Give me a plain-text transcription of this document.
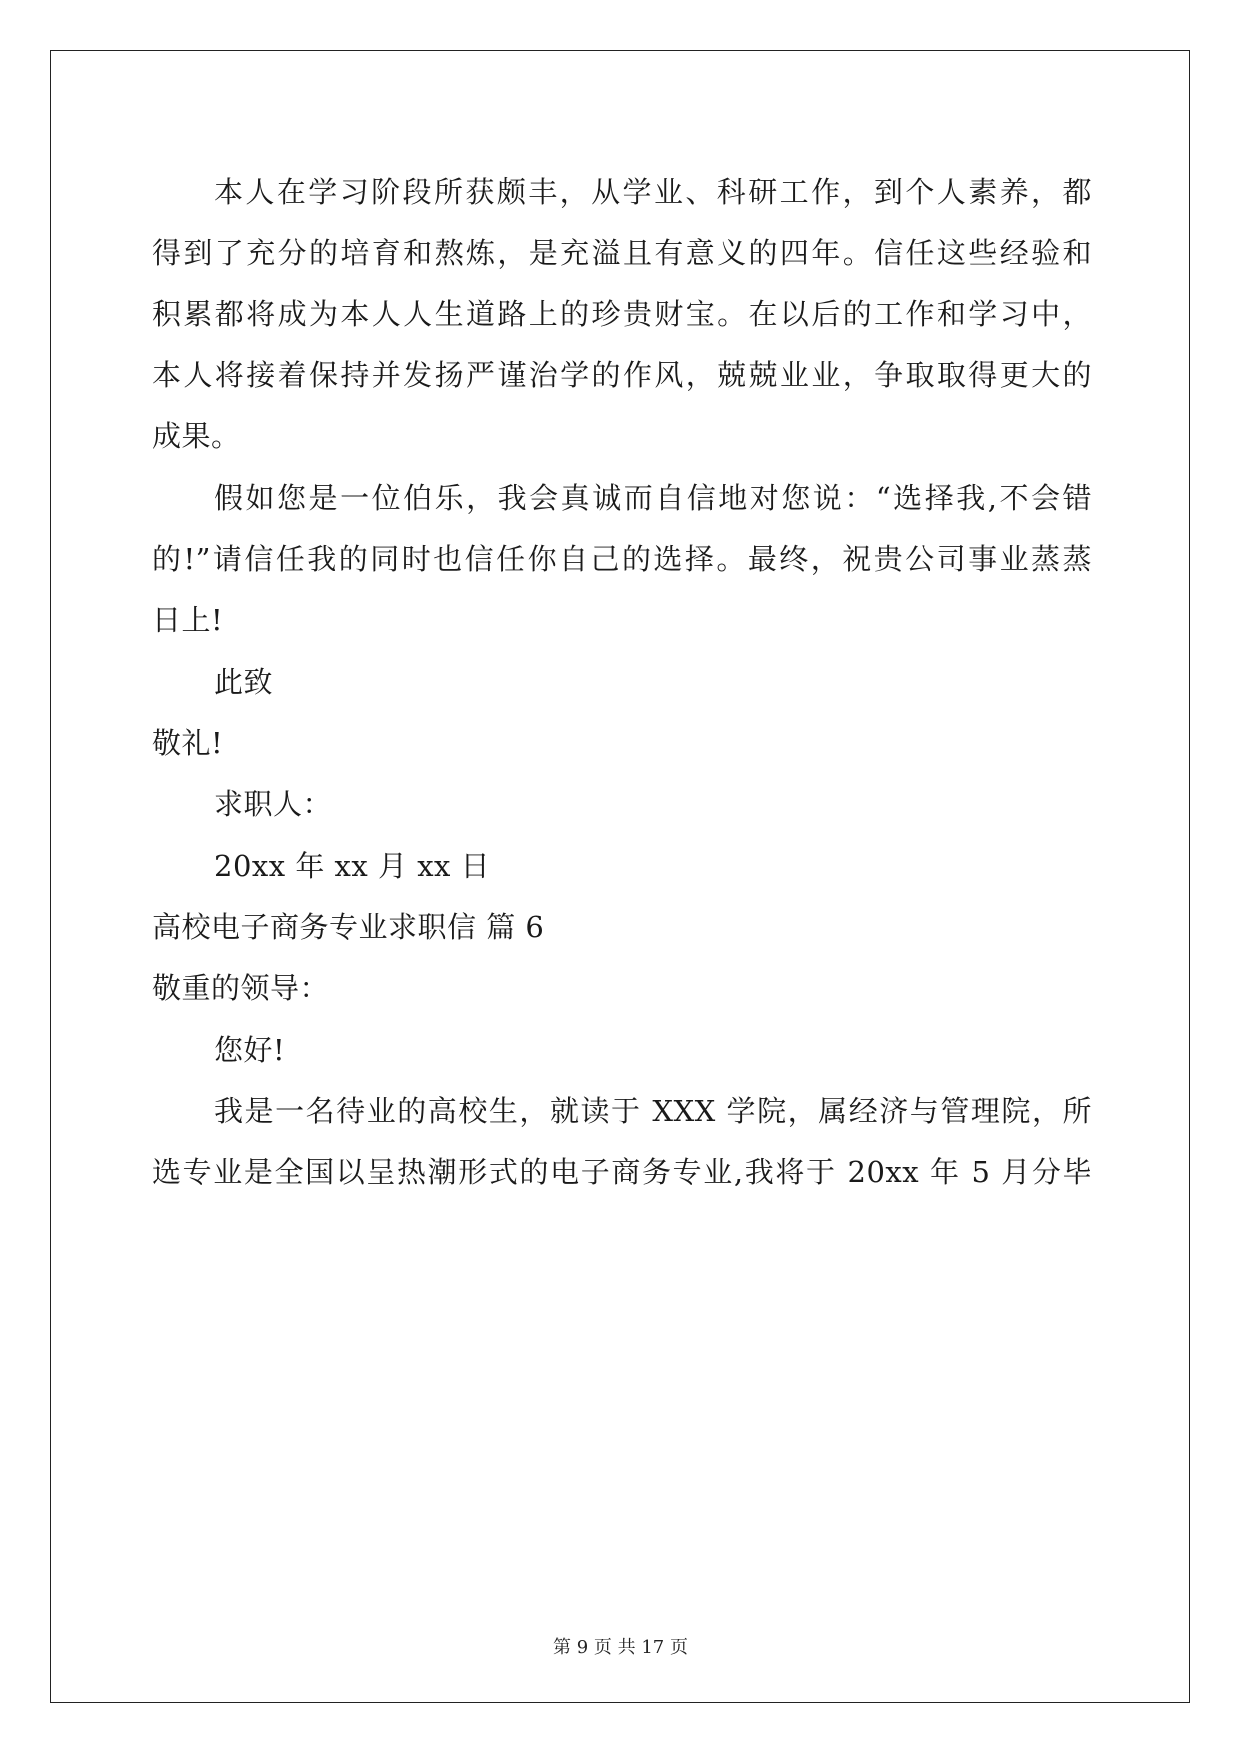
本人在学习阶段所获颇丰，从学业、科研工作，到个人素养，都
得到了充分的培育和熬炼，是充溢且有意义的四年。信任这些经验和
积累都将成为本人人生道路上的珍贵财宝。在以后的工作和学习中，
本人将接着保持并发扬严谨治学的作风，兢兢业业，争取取得更大的
成果。
假如您是一位伯乐，我会真诚而自信地对您说：“选择我,不会错
的!”请信任我的同时也信任你自己的选择。最终，祝贵公司事业蒸蒸
日上!
此致
敬礼!
求职人：
20xx 年 xx 月 xx 日
高校电子商务专业求职信 篇 6
敬重的领导：
您好!
我是一名待业的高校生，就读于 XXX 学院，属经济与管理院，所
选专业是全国以呈热潮形式的电子商务专业,我将于 20xx 年 5 月分毕
第 9 页 共 17 页
